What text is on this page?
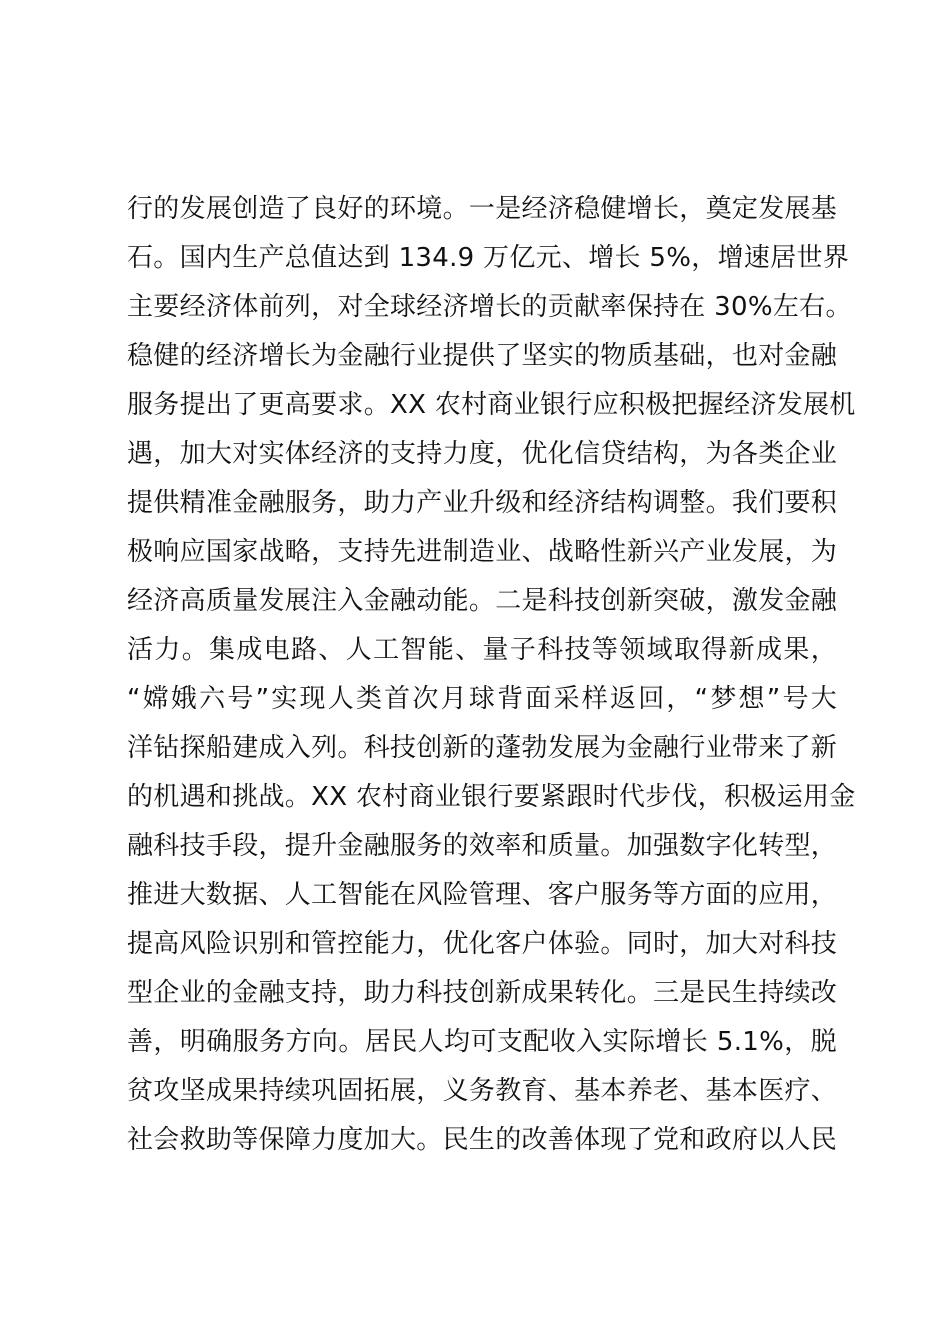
行的发展创造了良好的环境。一是经济稳健增长，奠定发展基
石。国内生产总值达到 134.9 万亿元、增长 5%，增速居世界
主要经济体前列，对全球经济增长的贡献率保持在 30%左右。
稳健的经济增长为金融行业提供了坚实的物质基础，也对金融
服务提出了更高要求。XX 农村商业银行应积极把握经济发展机
遇，加大对实体经济的支持力度，优化信贷结构，为各类企业
提供精准金融服务，助力产业升级和经济结构调整。我们要积
极响应国家战略，支持先进制造业、战略性新兴产业发展，为
经济高质量发展注入金融动能。二是科技创新突破，激发金融
活力。集成电路、人工智能、量子科技等领域取得新成果，
“嫦娥六号”实现人类首次月球背面采样返回，“梦想”号大
洋钻探船建成入列。科技创新的蓬勃发展为金融行业带来了新
的机遇和挑战。XX 农村商业银行要紧跟时代步伐，积极运用金
融科技手段，提升金融服务的效率和质量。加强数字化转型，
推进大数据、人工智能在风险管理、客户服务等方面的应用，
提高风险识别和管控能力，优化客户体验。同时，加大对科技
型企业的金融支持，助力科技创新成果转化。三是民生持续改
善，明确服务方向。居民人均可支配收入实际增长 5.1%，脱
贫攻坚成果持续巩固拓展，义务教育、基本养老、基本医疗、
社会救助等保障力度加大。民生的改善体现了党和政府以人民
